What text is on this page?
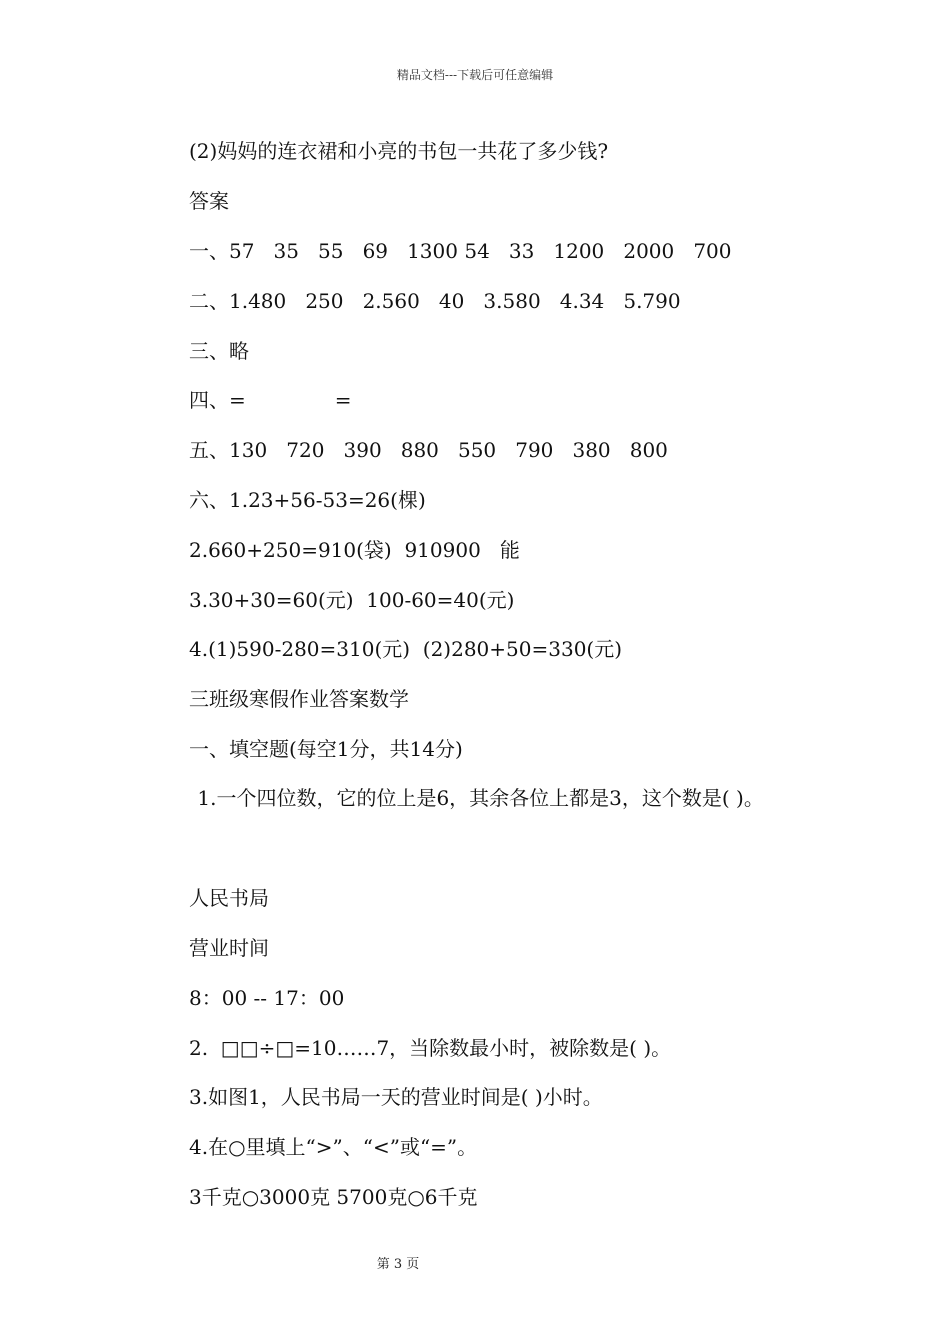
精品文档---下载后可任意编辑
(2)妈妈的连衣裙和小亮的书包一共花了多少钱?
答案
一、57   35   55   69   1300 54   33   1200   2000   700
二、1.480   250   2.560   40   3.580   4.34   5.790
三、略
四、=              =
五、130   720   390   880   550   790   380   800
六、1.23+56-53=26(棵)
2.660+250=910(袋)  910900   能
3.30+30=60(元)  100-60=40(元)
4.(1)590-280=310(元)  (2)280+50=330(元)
三班级寒假作业答案数学
一、填空题(每空1分，共14分)
1.一个四位数，它的位上是6，其余各位上都是3，这个数是( )。
人民书局
营业时间
8：00 -- 17：00
2.  □□÷□=10……7，当除数最小时，被除数是( )。
3.如图1，人民书局一天的营业时间是( )小时。
4.在○里填上“>”、“<”或“=”。
3千克○3000克 5700克○6千克
第 3 页
